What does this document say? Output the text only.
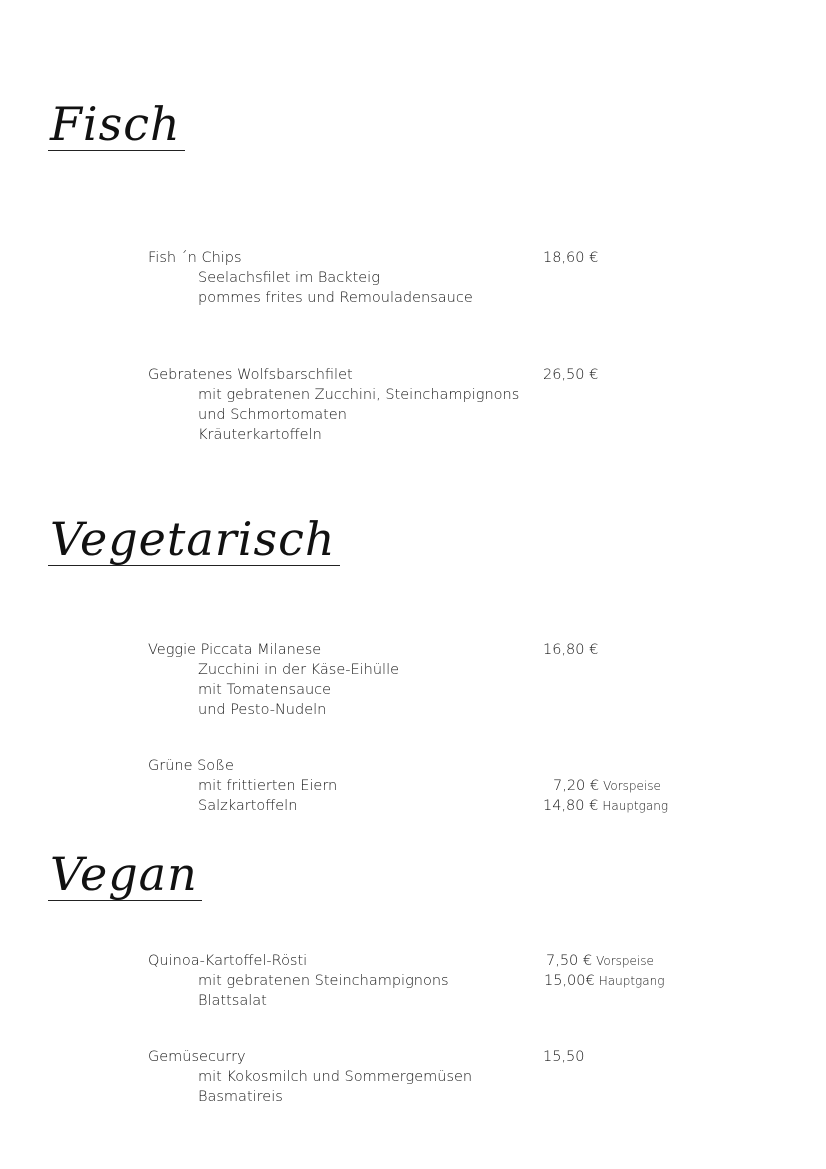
Fisch
Fish ´n Chips	18,60 €
Seelachsfilet im Backteig
pommes frites und Remouladensauce
Gebratenes Wolfsbarschfilet	26,50 €
mit gebratenen Zucchini, Steinchampignons
und Schmortomaten
Kräuterkartoffeln
Vegetarisch
Veggie Piccata Milanese	16,80 €
Zucchini in der Käse-Eihülle
mit Tomatensauce
und Pesto-Nudeln
Grüne Soße
mit frittierten Eiern	7,20 € Vorspeise
Salzkartoffeln	14,80 € Hauptgang
Vegan
Quinoa-Kartoffel-Rösti	7,50 € Vorspeise
mit gebratenen Steinchampignons	15,00€ Hauptgang
Blattsalat
Gemüsecurry	15,50
mit Kokosmilch und Sommergemüsen
Basmatireis
